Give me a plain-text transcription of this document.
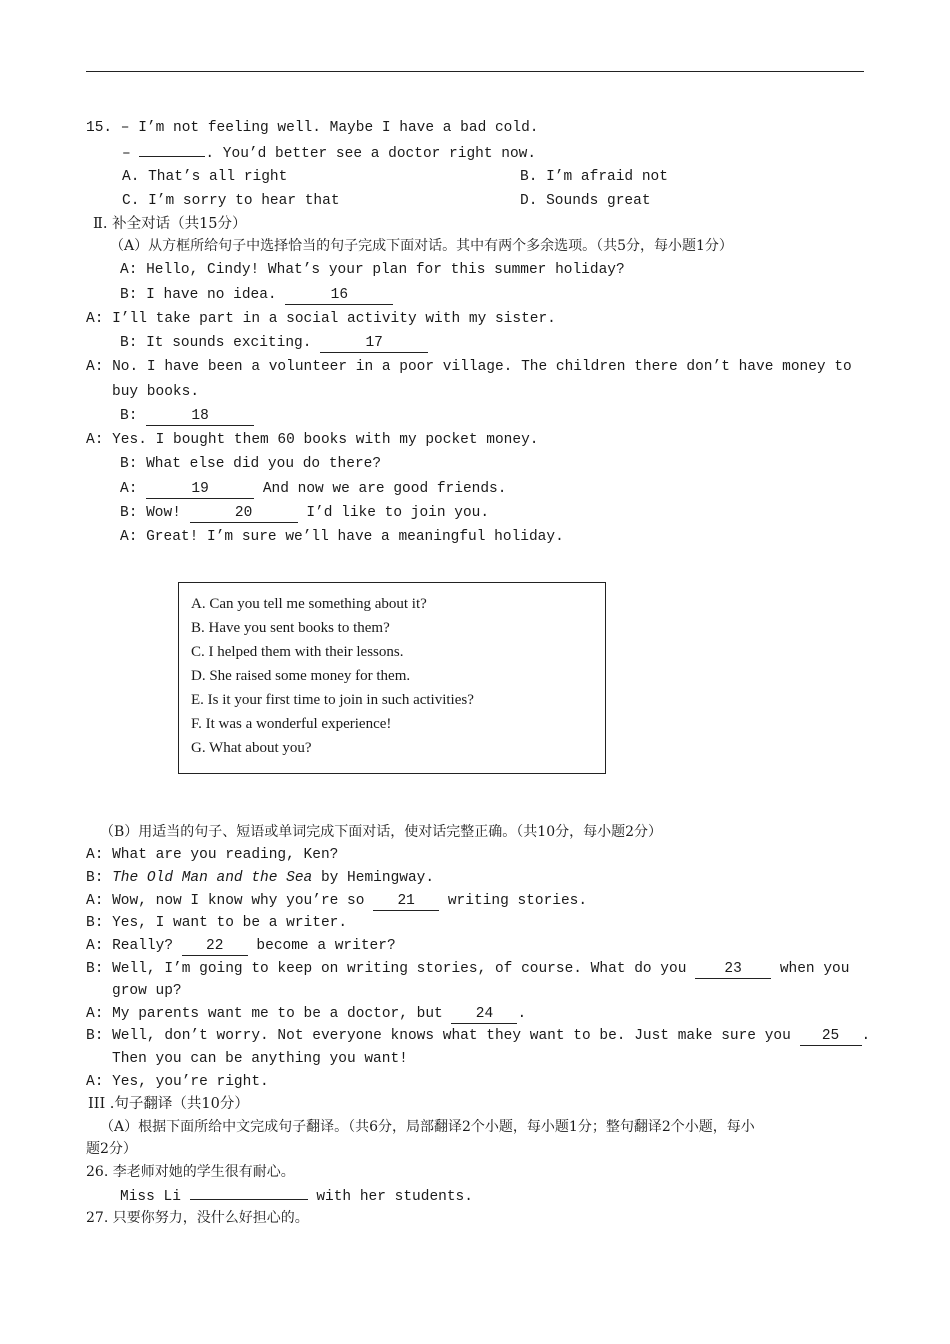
15. – I’m not feeling well. Maybe I have a bad cold.
–	. You’d better see a doctor right now.
A. That’s all right	B. I’m afraid not
C. I’m sorry to hear that	D. Sounds great
Ⅱ. 补全对话（共15分）
（A）从方框所给句子中选择恰当的句子完成下面对话。其中有两个多余选项。（共5分，每小题1分）
A: Hello, Cindy! What’s your plan for this summer holiday?
B: I have no idea.	16
A: I’ll take part in a social activity with my sister.
B: It sounds exciting.	17
A: No. I have been a volunteer in a poor village. The children there don’t have money to
buy books.
B:	18
A: Yes. I bought them 60 books with my pocket money.
B: What else did you do there?
A:	19	And now we are good friends.
B: Wow!	20	I’d like to join you.
A: Great! I’m sure we’ll have a meaningful holiday.
A. Can you tell me something about it?
B. Have you sent books to them?
C. I helped them with their lessons.
D. She raised some money for them.
E. Is it your first time to join in such activities?
F. It was a wonderful experience!
G. What about you?
（B）用适当的句子、短语或单词完成下面对话，使对话完整正确。（共10分，每小题2分）
A: What are you reading, Ken?
B: The Old Man and the Sea by Hemingway.
A: Wow, now I know why you’re so 21 writing stories.
B: Yes, I want to be a writer.
A: Really? 22 become a writer?
B: Well, I’m going to keep on writing stories, of course. What do you	23	when you
grow up?
A: My parents want me to be a doctor, but 24 .
B: Well, don’t worry. Not everyone knows what they want to be. Just make sure you 25 .
Then you can be anything you want!
A: Yes, you’re right.
III .句子翻译（共10分）
（A）根据下面所给中文完成句子翻译。（共6分，局部翻译2个小题，每小题1分；整句翻译2个小题，每小
题2分）
26. 李老师对她的学生很有耐心。
Miss Li	with her students.
27. 只要你努力，没什么好担心的。
